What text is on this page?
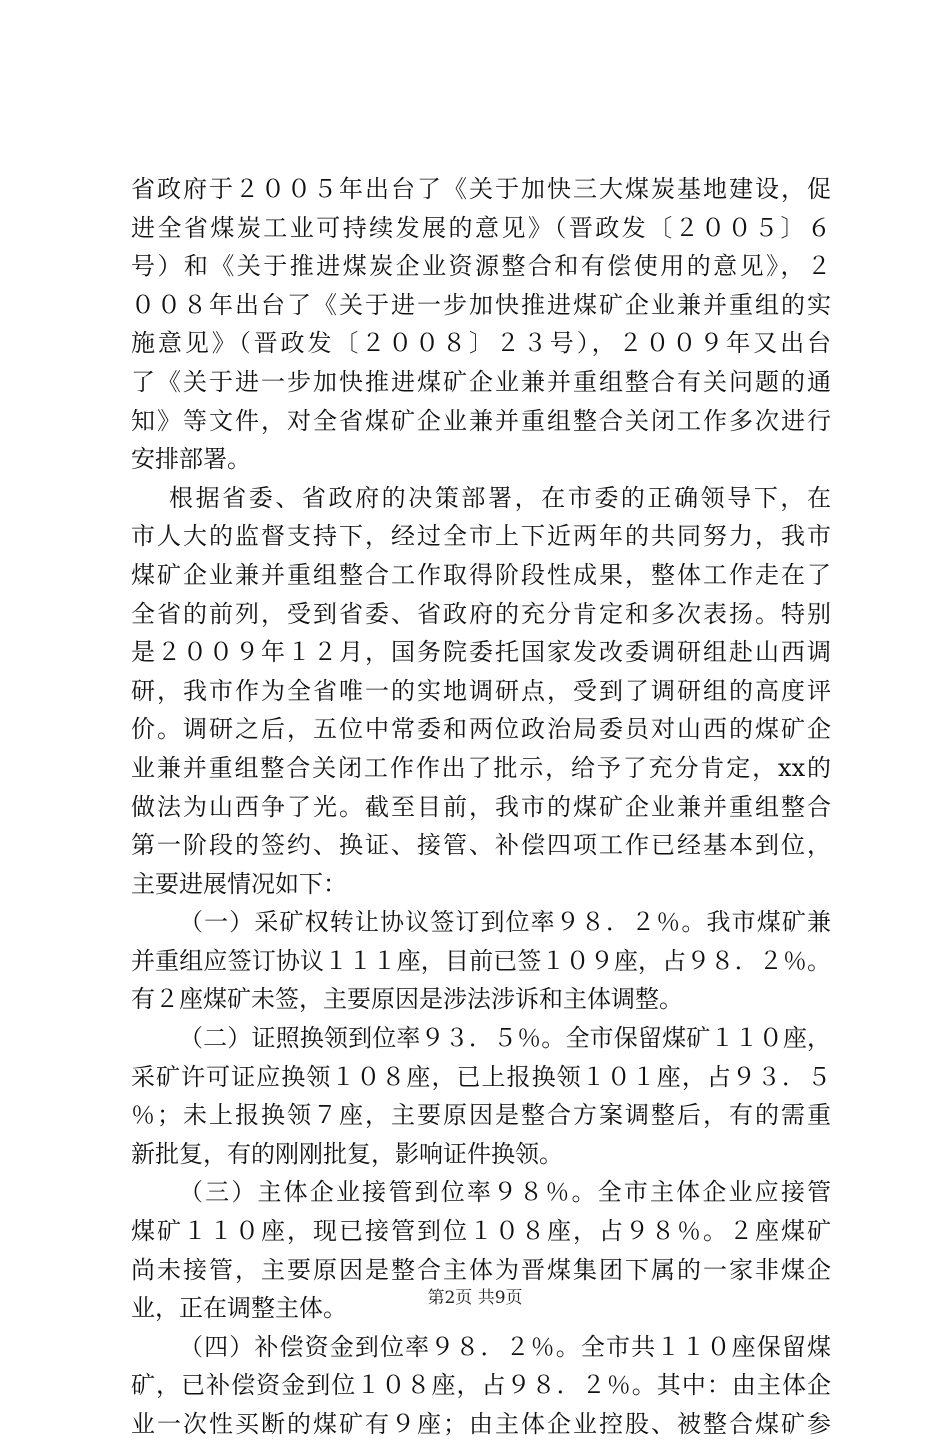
省政府于２００５年出台了《关于加快三大煤炭基地建设，促
进全省煤炭工业可持续发展的意见》（晋政发〔２００５〕６
号）和《关于推进煤炭企业资源整合和有偿使用的意见》，２
００８年出台了《关于进一步加快推进煤矿企业兼并重组的实
施意见》（晋政发〔２００８〕２３号），２００９年又出台
了《关于进一步加快推进煤矿企业兼并重组整合有关问题的通
知》等文件，对全省煤矿企业兼并重组整合关闭工作多次进行
安排部署。
根据省委、省政府的决策部署，在市委的正确领导下，在
市人大的监督支持下，经过全市上下近两年的共同努力，我市
煤矿企业兼并重组整合工作取得阶段性成果，整体工作走在了
全省的前列，受到省委、省政府的充分肯定和多次表扬。特别
是２００９年１２月，国务院委托国家发改委调研组赴山西调
研，我市作为全省唯一的实地调研点，受到了调研组的高度评
价。调研之后，五位中常委和两位政治局委员对山西的煤矿企
业兼并重组整合关闭工作作出了批示，给予了充分肯定，xx的
做法为山西争了光。截至目前，我市的煤矿企业兼并重组整合
第一阶段的签约、换证、接管、补偿四项工作已经基本到位，
主要进展情况如下：
（一）采矿权转让协议签订到位率９８．２％。我市煤矿兼
并重组应签订协议１１１座，目前已签１０９座，占９８．２％。
有２座煤矿未签，主要原因是涉法涉诉和主体调整。
（二）证照换领到位率９３．５％。全市保留煤矿１１０座，
采矿许可证应换领１０８座，已上报换领１０１座，占９３．５
％；未上报换领７座，主要原因是整合方案调整后，有的需重
新批复，有的刚刚批复，影响证件换领。
（三）主体企业接管到位率９８％。全市主体企业应接管
煤矿１１０座，现已接管到位１０８座，占９８％。２座煤矿
尚未接管，主要原因是整合主体为晋煤集团下属的一家非煤企
业，正在调整主体。
（四）补偿资金到位率９８．２％。全市共１１０座保留煤
矿，已补偿资金到位１０８座，占９８．２％。其中：由主体企
业一次性买断的煤矿有９座；由主体企业控股、被整合煤矿参
第2页 共9页
